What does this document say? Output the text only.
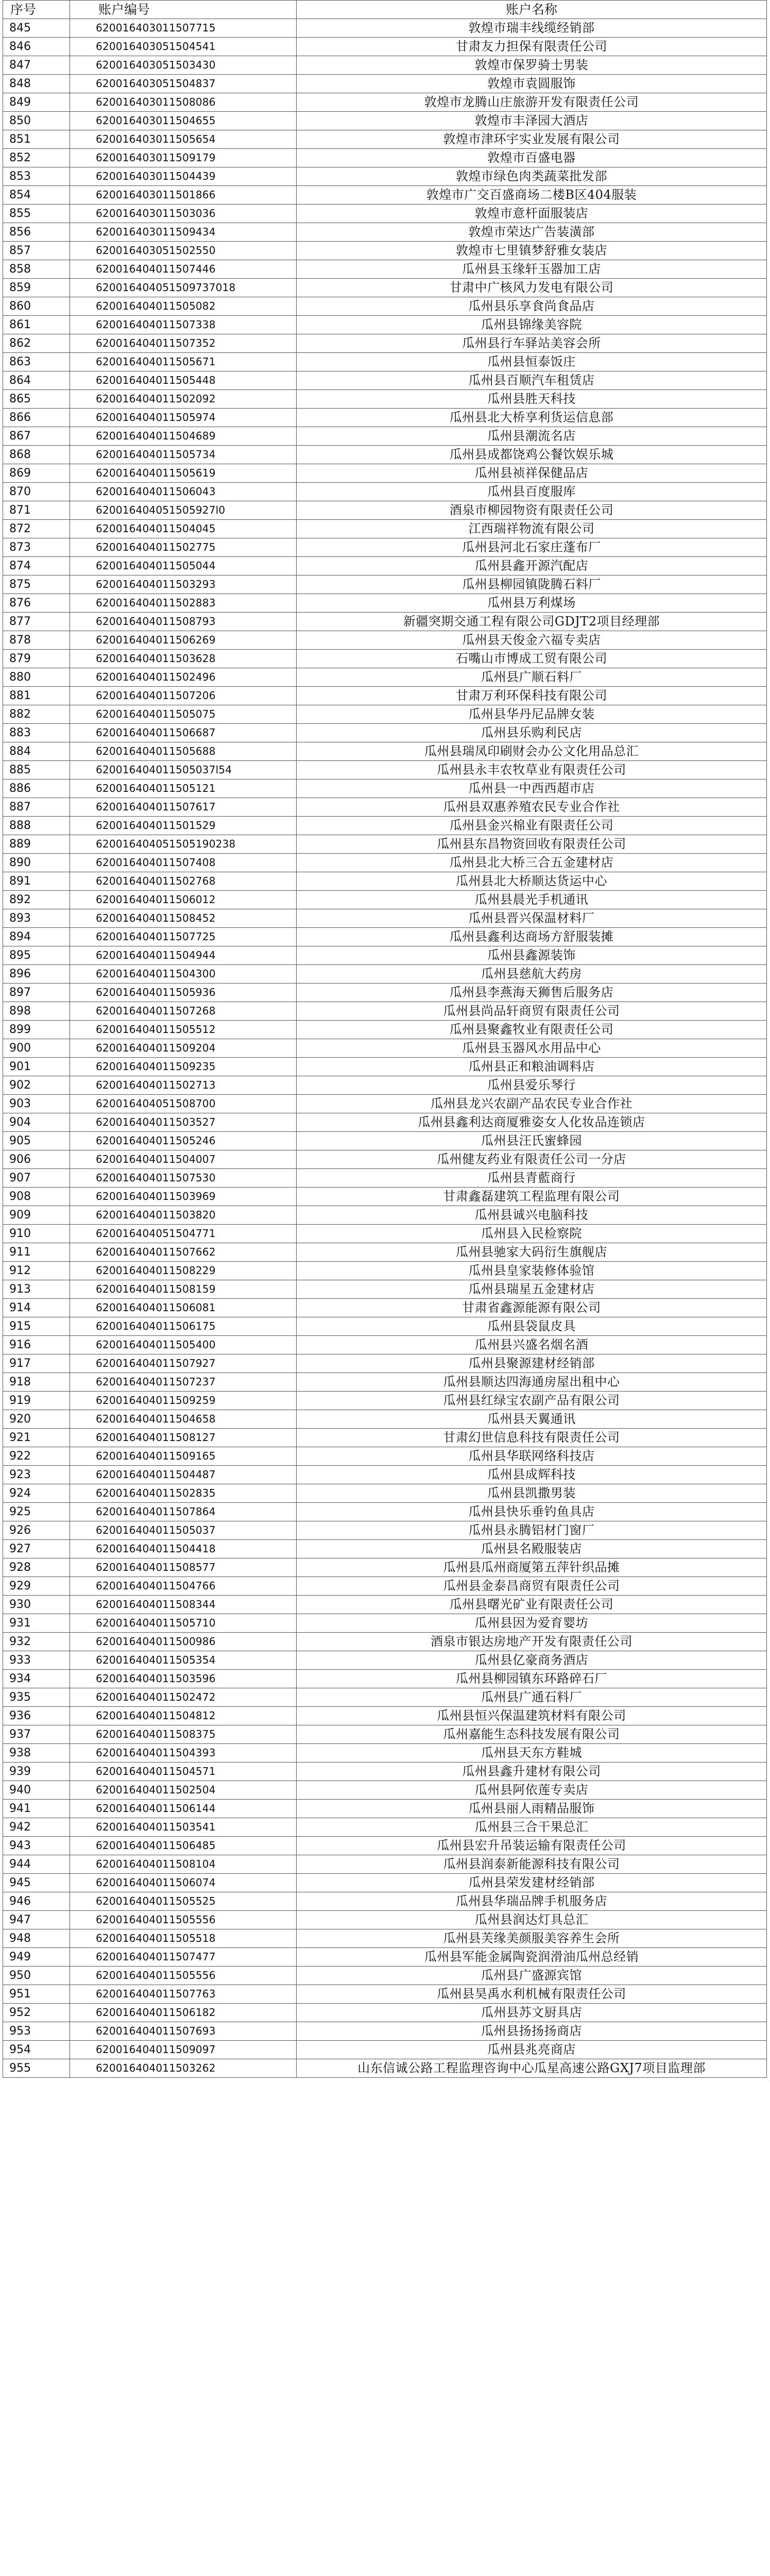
序号	账户编号	账户名称
845	620016403011507715	敦煌市瑞丰线缆经销部
846	620016403051504541	甘肃友力担保有限责任公司
847	620016403051503430	敦煌市保罗骑士男装
848	620016403051504837	敦煌市袁圆服饰
849	620016403011508086	敦煌市龙腾山庄旅游开发有限责任公司
850	620016403011504655	敦煌市丰泽园大酒店
851	620016403011505654	敦煌市津环宇实业发展有限公司
852	620016403011509179	敦煌市百盛电器
853	620016403011504439	敦煌市绿色肉类蔬菜批发部
854	620016403011501866	敦煌市广交百盛商场二楼B区404服装
855	620016403011503036	敦煌市意杆面服装店
856	620016403011509434	敦煌市荣达广告装潢部
857	620016403051502550	敦煌市七里镇梦舒雅女装店
858	620016404011507446	瓜州县玉缘轩玉器加工店
859	620016404051509737018	甘肃中广核风力发电有限公司
860	620016404011505082	瓜州县乐享食尚食品店
861	620016404011507338	瓜州县锦缘美容院
862	620016404011507352	瓜州县行车驿站美容会所
863	620016404011505671	瓜州县恒泰饭庄
864	620016404011505448	瓜州县百顺汽车租赁店
865	620016404011502092	瓜州县胜天科技
866	620016404011505974	瓜州县北大桥享利货运信息部
867	620016404011504689	瓜州县潮流名店
868	620016404011505734	瓜州县成都饶鸡公餐饮娱乐城
869	620016404011505619	瓜州县祯祥保健品店
870	620016404011506043	瓜州县百度服库
871	620016404051505927l0	酒泉市柳园物资有限责任公司
872	620016404011504045	江西瑞祥物流有限公司
873	620016404011502775	瓜州县河北石家庄蓬布厂
874	620016404011505044	瓜州县鑫开源汽配店
875	620016404011503293	瓜州县柳园镇陇腾石料厂
876	620016404011502883	瓜州县万利煤场
877	620016404011508793	新疆突期交通工程有限公司GDJT2项目经理部
878	620016404011506269	瓜州县天俊金六福专卖店
879	620016404011503628	石嘴山市博成工贸有限公司
880	620016404011502496	瓜州县广顺石料厂
881	620016404011507206	甘肃万利环保科技有限公司
882	620016404011505075	瓜州县华丹尼品牌女装
883	620016404011506687	瓜州县乐购利民店
884	620016404011505688	瓜州县瑞凤印刷财会办公文化用品总汇
885	620016404011505037l54	瓜州县永丰农牧草业有限责任公司
886	620016404011505121	瓜州县一中西西超市店
887	620016404011507617	瓜州县双惠养殖农民专业合作社
888	620016404011501529	瓜州县金兴棉业有限责任公司
889	620016404051505190238	瓜州县东昌物资回收有限责任公司
890	620016404011507408	瓜州县北大桥三合五金建材店
891	620016404011502768	瓜州县北大桥顺达货运中心
892	620016404011506012	瓜州县晨光手机通讯
893	620016404011508452	瓜州县晋兴保温材料厂
894	620016404011507725	瓜州县鑫利达商场方舒服装摊
895	620016404011504944	瓜州县鑫源装饰
896	620016404011504300	瓜州县慈航大药房
897	620016404011505936	瓜州县李燕海天狮售后服务店
898	620016404011507268	瓜州县尚品轩商贸有限责任公司
899	620016404011505512	瓜州县聚鑫牧业有限责任公司
900	620016404011509204	瓜州县玉器风水用品中心
901	620016404011509235	瓜州县正和粮油调料店
902	620016404011502713	瓜州县爱乐琴行
903	620016404051508700	瓜州县龙兴农副产品农民专业合作社
904	620016404011503527	瓜州县鑫利达商厦雅姿女人化妆品连锁店
905	620016404011505246	瓜州县汪氏蜜蜂园
906	620016404011504007	瓜州健友药业有限责任公司一分店
907	620016404011507530	瓜州县青藍商行
908	620016404011503969	甘肃鑫磊建筑工程监理有限公司
909	620016404011503820	瓜州县诚兴电脑科技
910	620016404051504771	瓜州县入民检察院
911	620016404011507662	瓜州县驰家大码衍生旗舰店
912	620016404011508229	瓜州县皇家装修体验馆
913	620016404011508159	瓜州县瑞星五金建材店
914	620016404011506081	甘肃省鑫源能源有限公司
915	620016404011506175	瓜州县袋鼠皮具
916	620016404011505400	瓜州县兴盛名烟名酒
917	620016404011507927	瓜州县聚源建材经销部
918	620016404011507237	瓜州县顺达四海通房屋出租中心
919	620016404011509259	瓜州县红绿宝农副产品有限公司
920	620016404011504658	瓜州县天翼通讯
921	620016404011508127	甘肃幻世信息科技有限责任公司
922	620016404011509165	瓜州县华联网络科技店
923	620016404011504487	瓜州县成辉科技
924	620016404011502835	瓜州县凯撒男装
925	620016404011507864	瓜州县快乐垂钓鱼具店
926	620016404011505037	瓜州县永腾铝材门窗厂
927	620016404011504418	瓜州县名殿服装店
928	620016404011508577	瓜州县瓜州商厦第五萍针织品摊
929	620016404011504766	瓜州县金泰昌商贸有限责任公司
930	620016404011508344	瓜州县曙光矿业有限责任公司
931	620016404011505710	瓜州县因为爱育婴坊
932	620016404011500986	酒泉市银达房地产开发有限责任公司
933	620016404011505354	瓜州县亿豪商务酒店
934	620016404011503596	瓜州县柳园镇东环路碎石厂
935	620016404011502472	瓜州县广通石料厂
936	620016404011504812	瓜州县恒兴保温建筑材料有限公司
937	620016404011508375	瓜州嘉能生态科技发展有限公司
938	620016404011504393	瓜州县天东方鞋城
939	620016404011504571	瓜州县鑫升建材有限公司
940	620016404011502504	瓜州县阿依莲专卖店
941	620016404011506144	瓜州县丽人雨精品服饰
942	620016404011503541	瓜州县三合干果总汇
943	620016404011506485	瓜州县宏升吊装运输有限责任公司
944	620016404011508104	瓜州县润泰新能源科技有限公司
945	620016404011506074	瓜州县荣发建材经销部
946	620016404011505525	瓜州县华瑞品牌手机服务店
947	620016404011505556	瓜州县润达灯具总汇
948	620016404011505518	瓜州县芙缘美颜服美容养生会所
949	620016404011507477	瓜州县军能金属陶瓷润滑油瓜州总经销
950	620016404011505556	瓜州县广盛源宾馆
951	620016404011507763	瓜州县昊禹水利机械有限责任公司
952	620016404011506182	瓜州县苏文厨具店
953	620016404011507693	瓜州县扬扬扬商店
954	620016404011509097	瓜州县兆亮商店
955	620016404011503262	山东信诚公路工程监理咨询中心瓜星高速公路GXJ7项目监理部
